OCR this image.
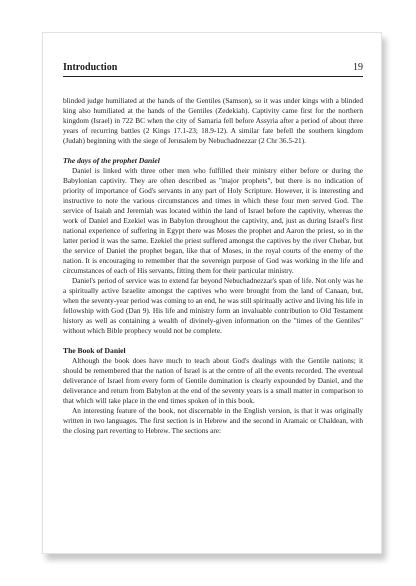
Introduction	19

blinded judge humiliated at the hands of the Gentiles (Samson), so it was under kings with a blinded king also humiliated at the hands of the Gentiles (Zedekiah). Captivity came first for the northern kingdom (Israel) in 722 BC when the city of Samaria fell before Assyria after a period of about three years of recurring battles (2 Kings 17.1-23; 18.9-12). A similar fate befell the southern kingdom (Judah) beginning with the siege of Jerusalem by Nebuchadnezzar (2 Chr 36.5-21).

The days of the prophet Daniel

Daniel is linked with three other men who fulfilled their ministry either before or during the Babylonian captivity. They are often described as "major prophets", but there is no indication of priority of importance of God's servants in any part of Holy Scripture. However, it is interesting and instructive to note the various circumstances and times in which these four men served God. The service of Isaiah and Jeremiah was located within the land of Israel before the captivity, whereas the work of Daniel and Ezekiel was in Babylon throughout the captivity, and, just as during Israel's first national experience of suffering in Egypt there was Moses the prophet and Aaron the priest, so in the latter period it was the same. Ezekiel the priest suffered amongst the captives by the river Chebar, but the service of Daniel the prophet began, like that of Moses, in the royal courts of the enemy of the nation. It is encouraging to remember that the sovereign purpose of God was working in the life and circumstances of each of His servants, fitting them for their particular ministry.

Daniel's period of service was to extend far beyond Nebuchadnezzar's span of life. Not only was he a spiritually active Israelite amongst the captives who were brought from the land of Canaan, but, when the seventy-year period was coming to an end, he was still spiritually active and living his life in fellowship with God (Dan 9). His life and ministry form an invaluable contribution to Old Testament history as well as containing a wealth of divinely-given information on the "times of the Gentiles" without which Bible prophecy would not be complete.

The Book of Daniel

Although the book does have much to teach about God's dealings with the Gentile nations; it should be remembered that the nation of Israel is at the centre of all the events recorded. The eventual deliverance of Israel from every form of Gentile domination is clearly expounded by Daniel, and the deliverance and return from Babylon at the end of the seventy years is a small matter in comparison to that which will take place in the end times spoken of in this book.

An interesting feature of the book, not discernable in the English version, is that it was originally written in two languages. The first section is in Hebrew and the second in Aramaic or Chaldean, with the closing part reverting to Hebrew. The sections are:
